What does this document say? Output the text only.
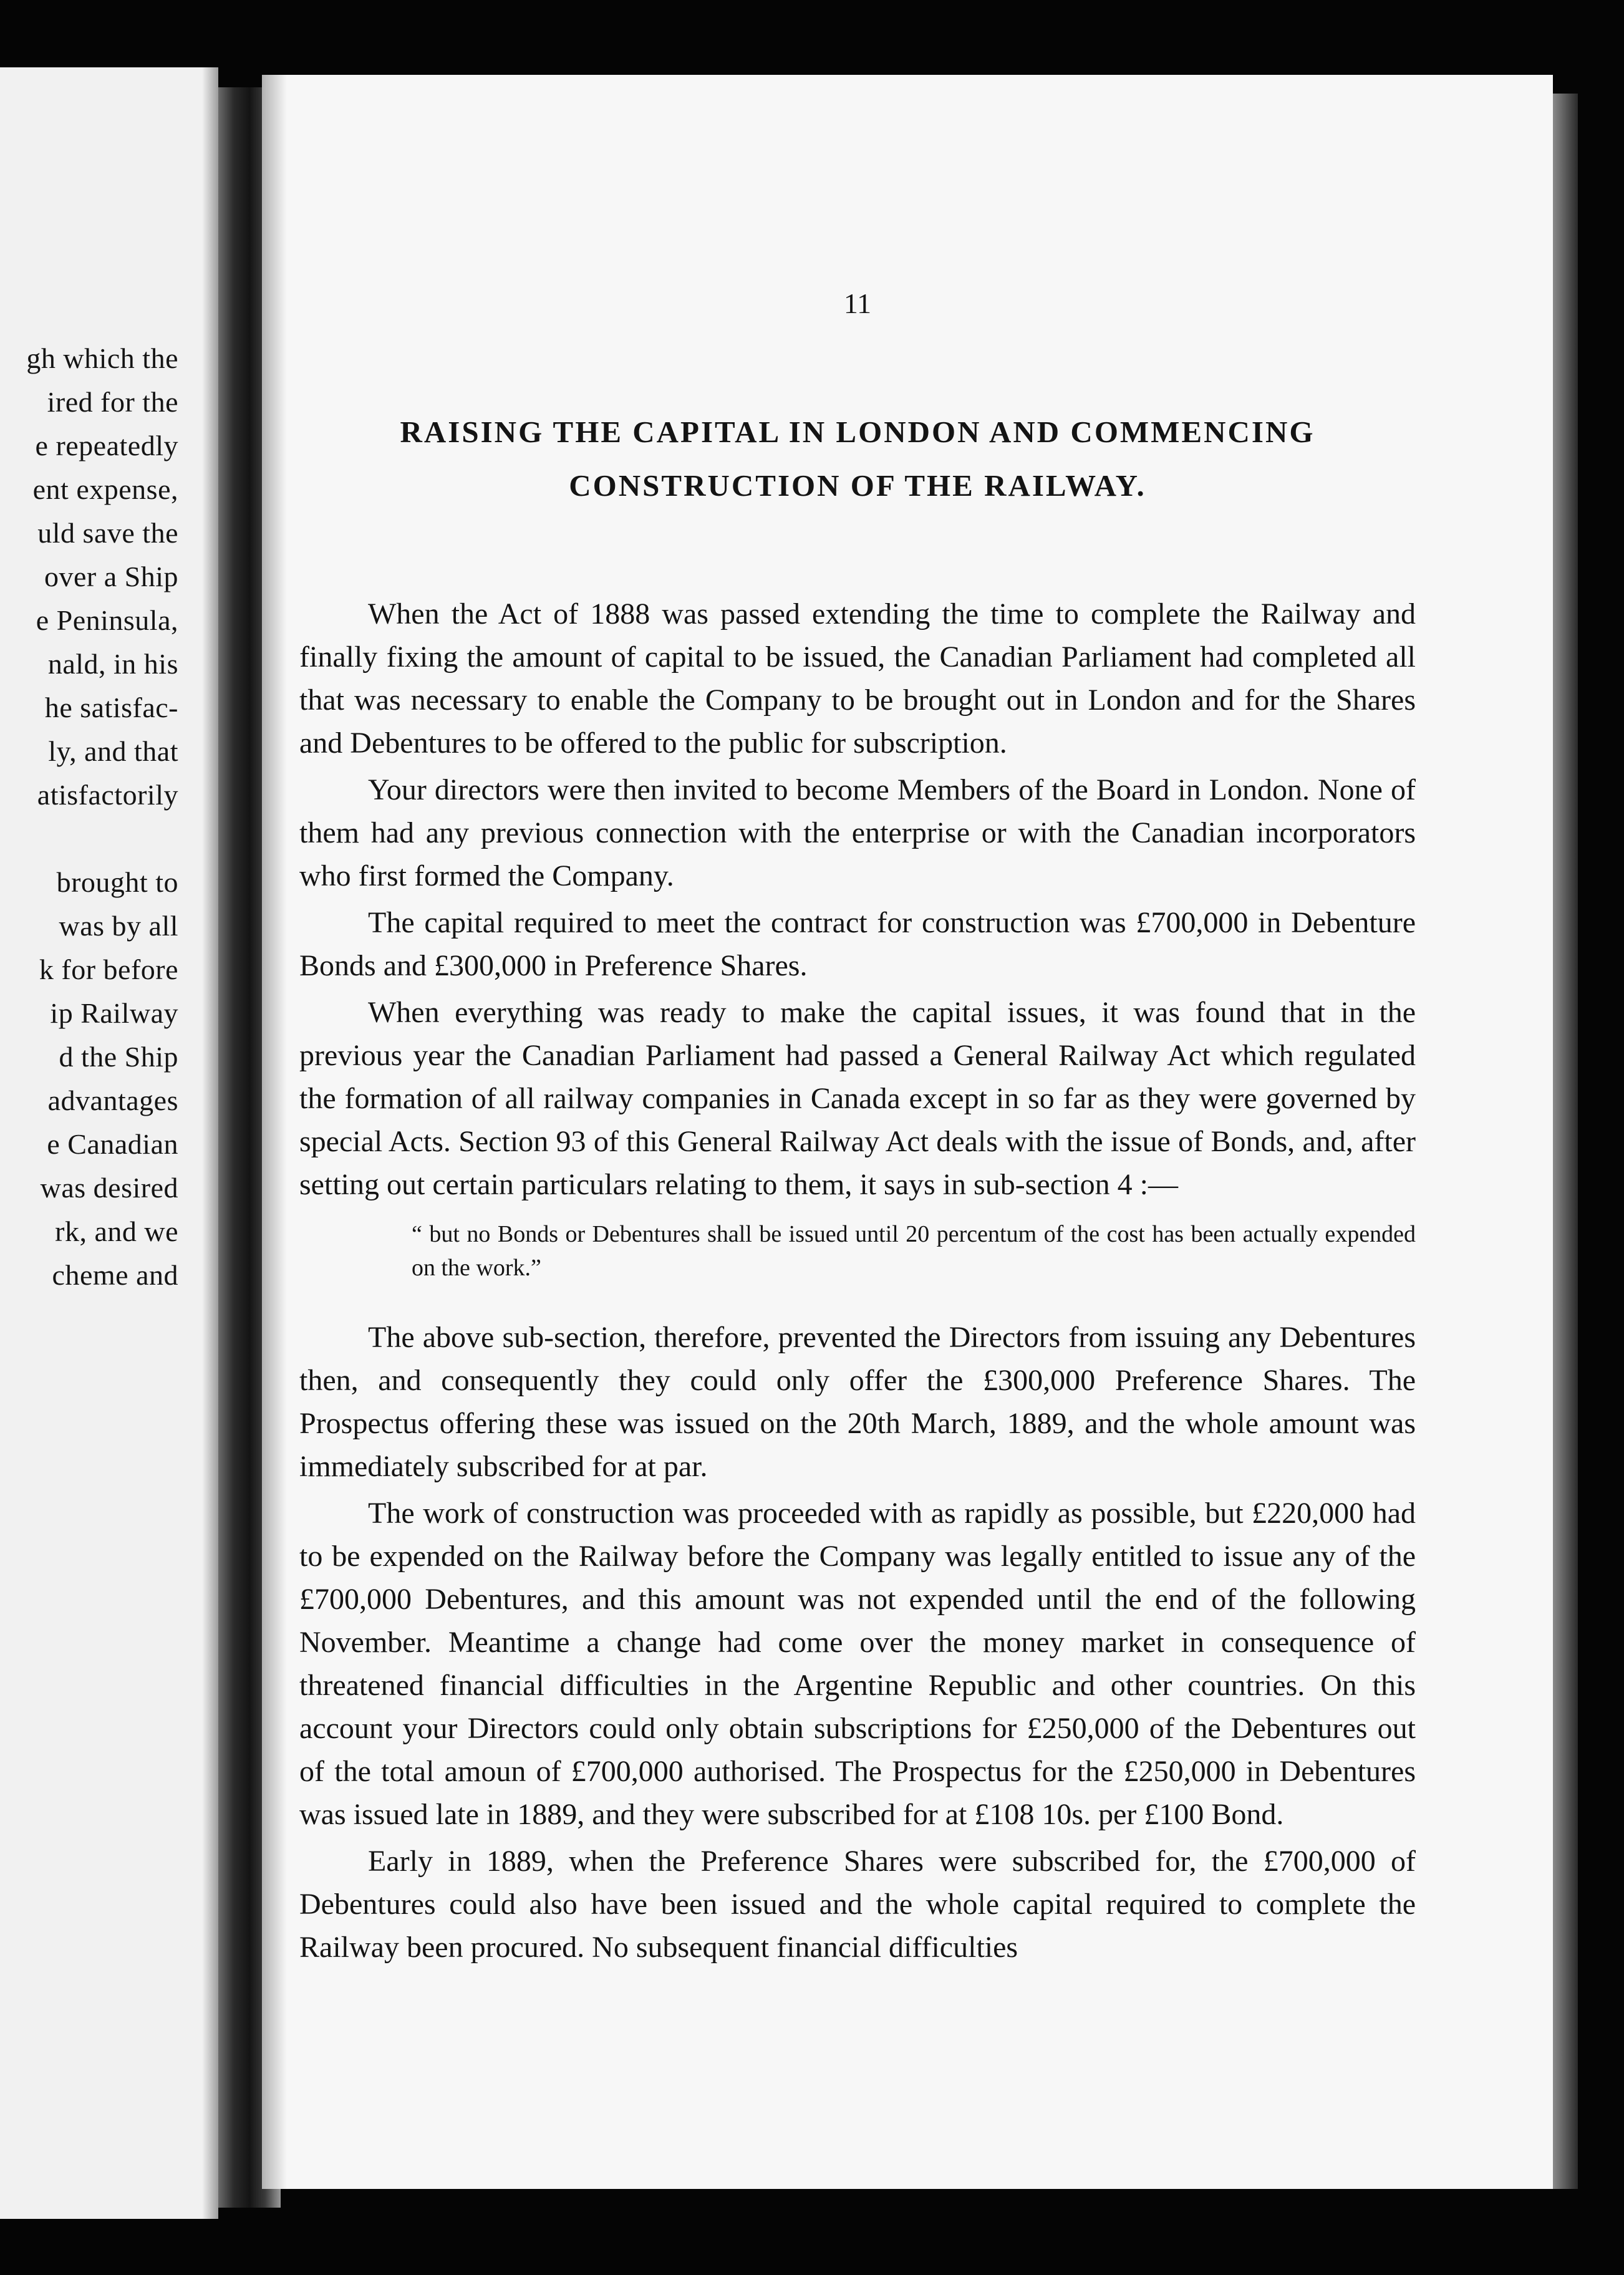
gh which the
ired for the
e repeatedly
ent expense,
uld save the
over a Ship
e Peninsula,
nald, in his
he satisfac-
ly, and that
atisfactorily
brought to
was by all
k for before
ip Railway
d the Ship
advantages
e Canadian
was desired
rk, and we
cheme and
11
RAISING THE CAPITAL IN LONDON AND COMMENCING
CONSTRUCTION OF THE RAILWAY.

When the Act of 1888 was passed extending the time to complete the Railway and finally fixing the amount of capital to be issued, the Canadian Parliament had completed all that was necessary to enable the Company to be brought out in London and for the Shares and Debentures to be offered to the public for subscription.

Your directors were then invited to become Members of the Board in London. None of them had any previous connection with the enterprise or with the Canadian incorporators who first formed the Company.

The capital required to meet the contract for construction was £700,000 in Debenture Bonds and £300,000 in Preference Shares.

When everything was ready to make the capital issues, it was found that in the previous year the Canadian Parliament had passed a General Railway Act which regulated the formation of all railway companies in Canada except in so far as they were governed by special Acts. Section 93 of this General Railway Act deals with the issue of Bonds, and, after setting out certain particulars relating to them, it says in sub-section 4 :—

“ but no Bonds or Debentures shall be issued until 20 percentum of the cost has been actually expended on the work.”

The above sub-section, therefore, prevented the Directors from issuing any Debentures then, and consequently they could only offer the £300,000 Preference Shares. The Prospectus offering these was issued on the 20th March, 1889, and the whole amount was immediately subscribed for at par.

The work of construction was proceeded with as rapidly as possible, but £220,000 had to be expended on the Railway before the Company was legally entitled to issue any of the £700,000 Debentures, and this amount was not expended until the end of the following November. Meantime a change had come over the money market in consequence of threatened financial difficulties in the Argentine Republic and other countries. On this account your Directors could only obtain subscriptions for £250,000 of the Debentures out of the total amoun of £700,000 authorised. The Prospectus for the £250,000 in Debentures was issued late in 1889, and they were subscribed for at £108 10s. per £100 Bond.

Early in 1889, when the Preference Shares were subscribed for, the £700,000 of Debentures could also have been issued and the whole capital required to complete the Railway been procured. No subsequent financial difficulties
